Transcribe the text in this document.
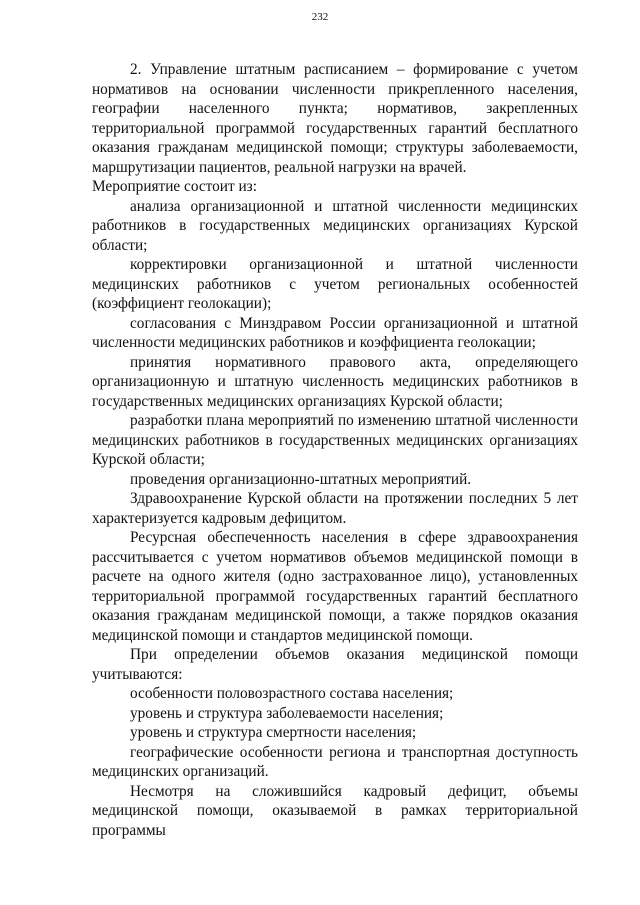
232

2. Управление штатным расписанием – формирование с учетом нормативов на основании численности прикрепленного населения, географии населенного пункта; нормативов, закрепленных территориальной программой государственных гарантий бесплатного оказания гражданам медицинской помощи; структуры заболеваемости, маршрутизации пациентов, реальной нагрузки на врачей.

Мероприятие состоит из:

анализа организационной и штатной численности медицинских работников в государственных медицинских организациях Курской области;

корректировки организационной и штатной численности медицинских работников с учетом региональных особенностей (коэффициент геолокации);

согласования с Минздравом России организационной и штатной численности медицинских работников и коэффициента геолокации;

принятия нормативного правового акта, определяющего организационную и штатную численность медицинских работников в государственных медицинских организациях Курской области;

разработки плана мероприятий по изменению штатной численности медицинских работников в государственных медицинских организациях Курской области;

проведения организационно-штатных мероприятий.

Здравоохранение Курской области на протяжении последних 5 лет характеризуется кадровым дефицитом.

Ресурсная обеспеченность населения в сфере здравоохранения рассчитывается с учетом нормативов объемов медицинской помощи в расчете на одного жителя (одно застрахованное лицо), установленных территориальной программой государственных гарантий бесплатного оказания гражданам медицинской помощи, а также порядков оказания медицинской помощи и стандартов медицинской помощи.

При определении объемов оказания медицинской помощи учитываются:

особенности половозрастного состава населения;

уровень и структура заболеваемости населения;

уровень и структура смертности населения;

географические особенности региона и транспортная доступность медицинских организаций.

Несмотря на сложившийся кадровый дефицит, объемы медицинской помощи, оказываемой в рамках территориальной программы
